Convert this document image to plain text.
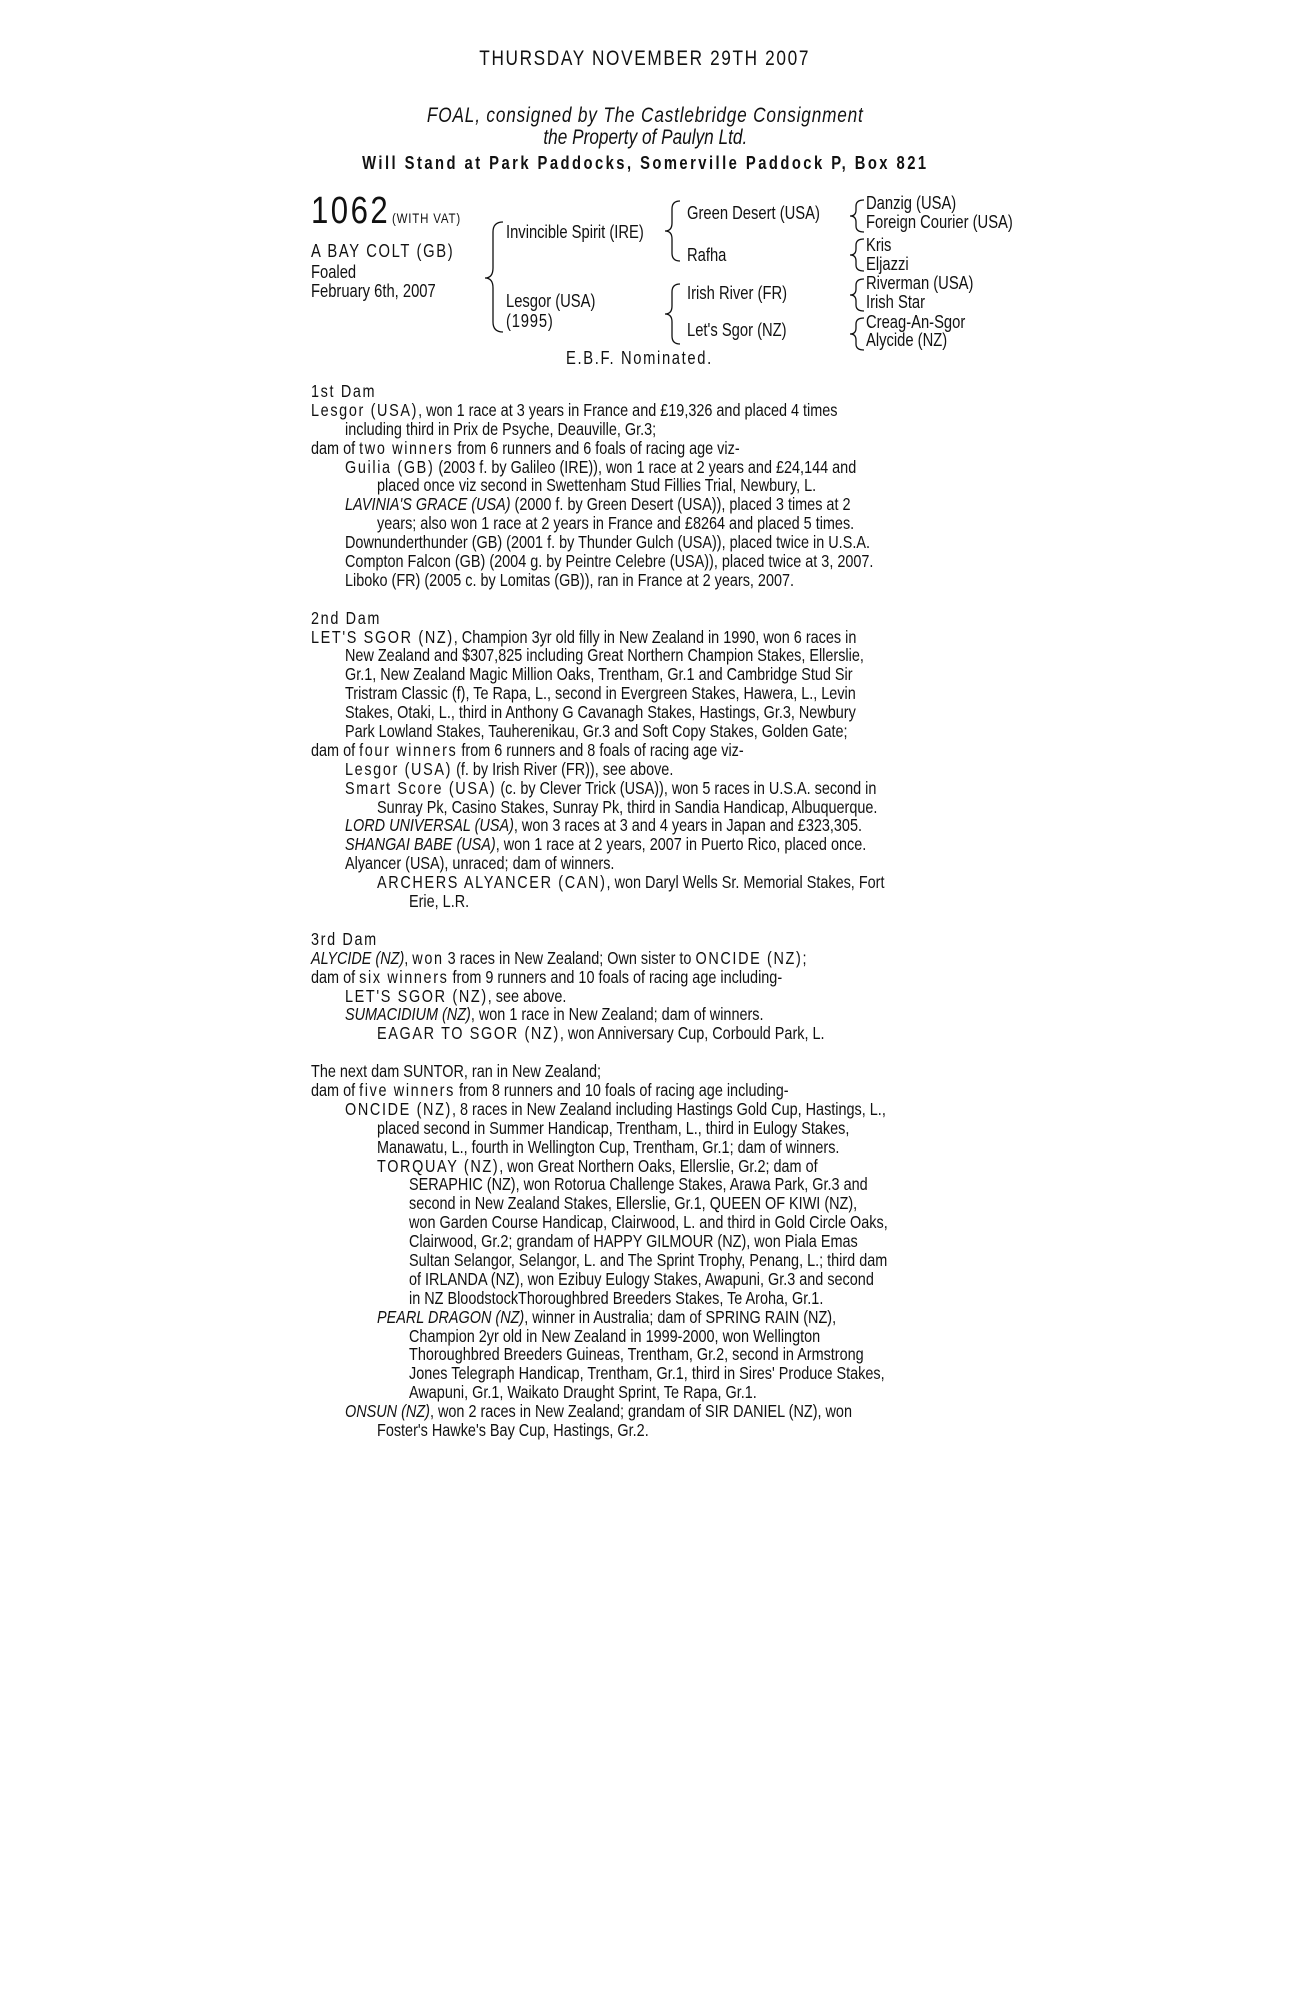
THURSDAY NOVEMBER 29TH 2007
FOAL, consigned by The Castlebridge Consignment
the Property of Paulyn Ltd.
Will Stand at Park Paddocks, Somerville Paddock P, Box 821
1062 (WITH VAT)
A BAY COLT (GB)
Foaled
February 6th, 2007
Invincible Spirit (IRE)
Lesgor (USA)
(1995)
Green Desert (USA)
Rafha
Irish River (FR)
Let's Sgor (NZ)
Danzig (USA)
Foreign Courier (USA)
Kris
Eljazzi
Riverman (USA)
Irish Star
Creag-An-Sgor
Alycide (NZ)
E.B.F. Nominated.
1st Dam
Lesgor (USA), won 1 race at 3 years in France and £19,326 and placed 4 times
including third in Prix de Psyche, Deauville, Gr.3;
dam of two winners from 6 runners and 6 foals of racing age viz-
Guilia (GB) (2003 f. by Galileo (IRE)), won 1 race at 2 years and £24,144 and
placed once viz second in Swettenham Stud Fillies Trial, Newbury, L.
LAVINIA'S GRACE (USA) (2000 f. by Green Desert (USA)), placed 3 times at 2
years; also won 1 race at 2 years in France and £8264 and placed 5 times.
Downunderthunder (GB) (2001 f. by Thunder Gulch (USA)), placed twice in U.S.A.
Compton Falcon (GB) (2004 g. by Peintre Celebre (USA)), placed twice at 3, 2007.
Liboko (FR) (2005 c. by Lomitas (GB)), ran in France at 2 years, 2007.
2nd Dam
LET'S SGOR (NZ), Champion 3yr old filly in New Zealand in 1990, won 6 races in
New Zealand and $307,825 including Great Northern Champion Stakes, Ellerslie,
Gr.1, New Zealand Magic Million Oaks, Trentham, Gr.1 and Cambridge Stud Sir
Tristram Classic (f), Te Rapa, L., second in Evergreen Stakes, Hawera, L., Levin
Stakes, Otaki, L., third in Anthony G Cavanagh Stakes, Hastings, Gr.3, Newbury
Park Lowland Stakes, Tauherenikau, Gr.3 and Soft Copy Stakes, Golden Gate;
dam of four winners from 6 runners and 8 foals of racing age viz-
Lesgor (USA) (f. by Irish River (FR)), see above.
Smart Score (USA) (c. by Clever Trick (USA)), won 5 races in U.S.A. second in
Sunray Pk, Casino Stakes, Sunray Pk, third in Sandia Handicap, Albuquerque.
LORD UNIVERSAL (USA), won 3 races at 3 and 4 years in Japan and £323,305.
SHANGAI BABE (USA), won 1 race at 2 years, 2007 in Puerto Rico, placed once.
Alyancer (USA), unraced; dam of winners.
ARCHERS ALYANCER (CAN), won Daryl Wells Sr. Memorial Stakes, Fort
Erie, L.R.
3rd Dam
ALYCIDE (NZ), won 3 races in New Zealand; Own sister to ONCIDE (NZ);
dam of six winners from 9 runners and 10 foals of racing age including-
LET'S SGOR (NZ), see above.
SUMACIDIUM (NZ), won 1 race in New Zealand; dam of winners.
EAGAR TO SGOR (NZ), won Anniversary Cup, Corbould Park, L.
The next dam SUNTOR, ran in New Zealand;
dam of five winners from 8 runners and 10 foals of racing age including-
ONCIDE (NZ), 8 races in New Zealand including Hastings Gold Cup, Hastings, L.,
placed second in Summer Handicap, Trentham, L., third in Eulogy Stakes,
Manawatu, L., fourth in Wellington Cup, Trentham, Gr.1; dam of winners.
TORQUAY (NZ), won Great Northern Oaks, Ellerslie, Gr.2; dam of
SERAPHIC (NZ), won Rotorua Challenge Stakes, Arawa Park, Gr.3 and
second in New Zealand Stakes, Ellerslie, Gr.1, QUEEN OF KIWI (NZ),
won Garden Course Handicap, Clairwood, L. and third in Gold Circle Oaks,
Clairwood, Gr.2; grandam of HAPPY GILMOUR (NZ), won Piala Emas
Sultan Selangor, Selangor, L. and The Sprint Trophy, Penang, L.; third dam
of IRLANDA (NZ), won Ezibuy Eulogy Stakes, Awapuni, Gr.3 and second
in NZ BloodstockThoroughbred Breeders Stakes, Te Aroha, Gr.1.
PEARL DRAGON (NZ), winner in Australia; dam of SPRING RAIN (NZ),
Champion 2yr old in New Zealand in 1999-2000, won Wellington
Thoroughbred Breeders Guineas, Trentham, Gr.2, second in Armstrong
Jones Telegraph Handicap, Trentham, Gr.1, third in Sires' Produce Stakes,
Awapuni, Gr.1, Waikato Draught Sprint, Te Rapa, Gr.1.
ONSUN (NZ), won 2 races in New Zealand; grandam of SIR DANIEL (NZ), won
Foster's Hawke's Bay Cup, Hastings, Gr.2.
